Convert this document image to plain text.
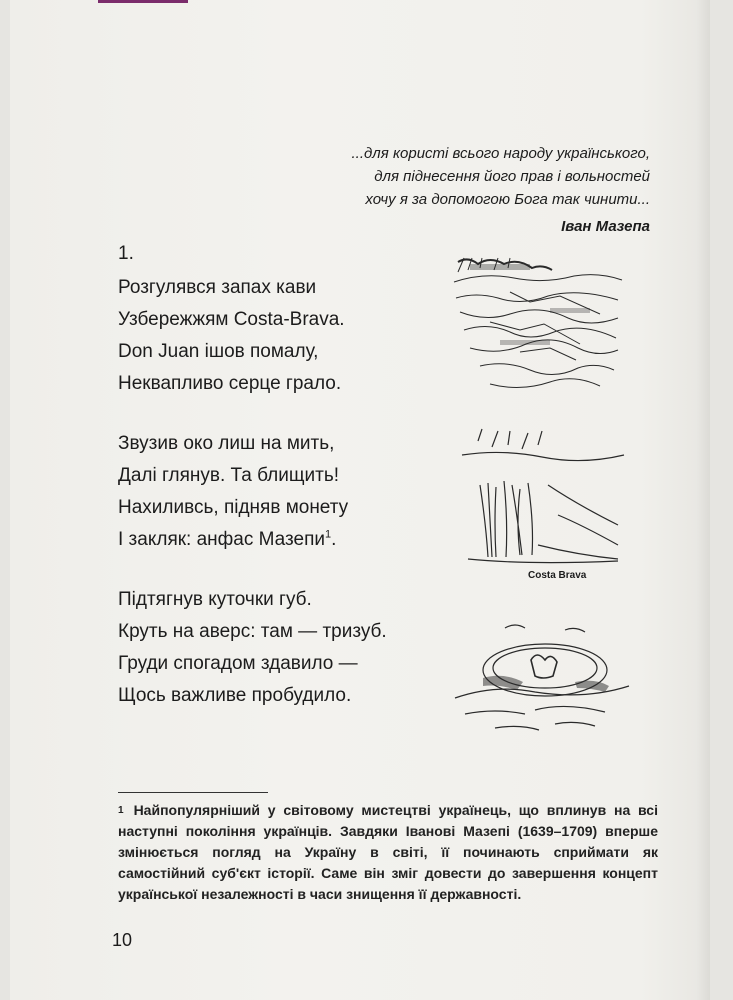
...для користі всього народу українського,
для піднесення його прав і вольностей
хочу я за допомогою Бога так чинити...
Іван Мазепа
1.
Розгулявся запах кави
Узбережжям Costa-Brava.
Don Juan ішов помалу,
Неквапливо серце грало.
Звузив око лиш на мить,
Далі глянув. Та блищить!
Нахиливсь, підняв монету
І закляк: анфас Мазепи$^1$.
Підтягнув куточки губ.
Круть на аверс: там — тризуб.
Груди спогадом здавило —
Щось важливе пробудило.
Costa Brava
$^1$ Найпопулярніший у світовому мистецтві українець, що вплинув на всі наступні покоління українців. Завдяки Іванові Мазепі (1639–1709) вперше змінюється погляд на Україну в світі, її починають сприймати як самостійний суб'єкт історії. Саме він зміг довести до завершення концепт української незалежності в часи знищення її державності.
10
